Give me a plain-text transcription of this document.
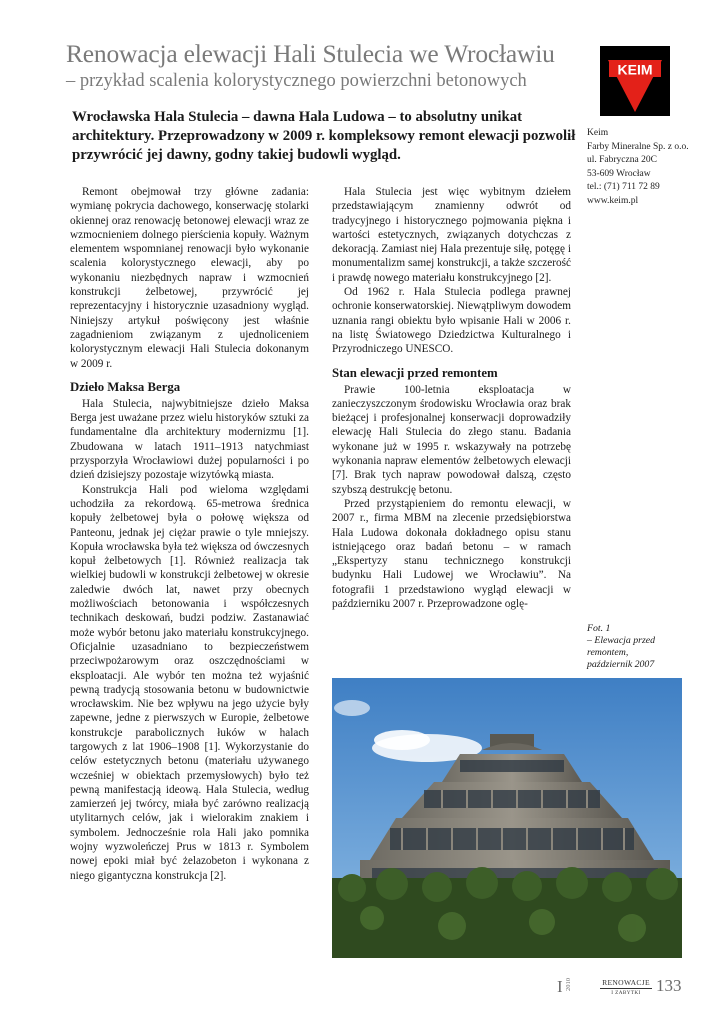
Renowacja elewacji Hali Stulecia we Wrocławiu
– przykład scalenia kolorystycznego powierzchni betonowych
KEIM

Wrocławska Hala Stulecia – dawna Hala Ludowa – to absolutny unikat architektury. Przeprowadzony w 2009 r. kompleksowy remont elewacji pozwolił przywrócić jej dawny, godny takiej budowli wygląd.

Keim
Farby Mineralne Sp. z o.o.
ul. Fabryczna 20C
53-609 Wrocław
tel.: (71) 711 72 89
www.keim.pl

Remont obejmował trzy główne zadania: wymianę pokrycia dachowego, konserwację stolarki okiennej oraz renowację betonowej elewacji wraz ze wzmocnieniem dolnego pierścienia kopuły. Ważnym elementem wspomnianej renowacji było wykonanie scalenia kolorystycznego elewacji, aby po wykonaniu niezbędnych napraw i wzmocnień konstrukcji żelbetowej, przywrócić jej reprezentacyjny i historycznie uzasadniony wygląd. Niniejszy artykuł poświęcony jest właśnie zagadnieniom związanym z ujednoliceniem kolorystycznym elewacji Hali Stulecia dokonanym w 2009 r.

Dzieło Maksa Berga

Hala Stulecia, najwybitniejsze dzieło Maksa Berga jest uważane przez wielu historyków sztuki za fundamentalne dla architektury modernizmu [1]. Zbudowana w latach 1911–1913 natychmiast przysporzyła Wrocławiowi dużej popularności i po dzień dzisiejszy pozostaje wizytówką miasta.

Konstrukcja Hali pod wieloma względami uchodziła za rekordową. 65-metrowa średnica kopuły żelbetowej była o połowę większa od Panteonu, jednak jej ciężar prawie o tyle mniejszy. Kopuła wrocławska była też większa od ówczesnych kopuł żelbetowych [1]. Również realizacja tak wielkiej budowli w konstrukcji żelbetowej w okresie zaledwie dwóch lat, nawet przy obecnych możliwościach betonowania i współczesnych technikach deskowań, budzi podziw. Zastanawiać może wybór betonu jako materiału konstrukcyjnego. Oficjalnie uzasadniano to bezpieczeństwem przeciwpożarowym oraz oszczędnościami w eksploatacji. Ale wybór ten można też wyjaśnić pewną tradycją stosowania betonu w budownictwie wrocławskim. Nie bez wpływu na jego użycie były zapewne, jedne z pierwszych w Europie, żelbetowe konstrukcje parabolicznych łuków w halach targowych z lat 1906–1908 [1]. Wykorzystanie do celów estetycznych betonu (materiału używanego wcześniej w obiektach przemysłowych) było też pewną manifestacją ideową. Hala Stulecia, według zamierzeń jej twórcy, miała być zarówno realizacją utylitarnych celów, jak i wielorakim znakiem i symbolem. Jednocześnie rola Hali jako pomnika wojny wyzwoleńczej Prus w 1813 r. Symbolem nowej epoki miał być żelazobeton i wykonana z niego gigantyczna konstrukcja [2].

Hala Stulecia jest więc wybitnym dziełem przedstawiającym znamienny odwrót od tradycyjnego i historycznego pojmowania piękna i wartości estetycznych, związanych dotychczas z dekoracją. Zamiast niej Hala prezentuje siłę, potęgę i monumentalizm samej konstrukcji, a także szczerość i prawdę nowego materiału konstrukcyjnego [2].

Od 1962 r. Hala Stulecia podlega prawnej ochronie konserwatorskiej. Niewątpliwym dowodem uznania rangi obiektu było wpisanie Hali w 2006 r. na listę Światowego Dziedzictwa Kulturalnego i Przyrodniczego UNESCO.

Stan elewacji przed remontem

Prawie 100-letnia eksploatacja w zanieczyszczonym środowisku Wrocławia oraz brak bieżącej i profesjonalnej konserwacji doprowadziły elewację Hali Stulecia do złego stanu. Badania wykonane już w 1995 r. wskazywały na potrzebę wykonania napraw elementów żelbetowych elewacji [7]. Brak tych napraw powodował dalszą, często szybszą destrukcję betonu.

Przed przystąpieniem do remontu elewacji, w 2007 r., firma MBM na zlecenie przedsiębiorstwa Hala Ludowa dokonała dokładnego opisu stanu istniejącego oraz badań betonu – w ramach „Ekspertyzy stanu technicznego konstrukcji budynku Hali Ludowej we Wrocławiu”. Na fotografii 1 przedstawiono wygląd elewacji w październiku 2007 r. Przeprowadzone oglę-

Fot. 1
– Elewacja przed
remontem,
październik 2007
2010
I	RENOWACJE
I ZABYTKI 133
